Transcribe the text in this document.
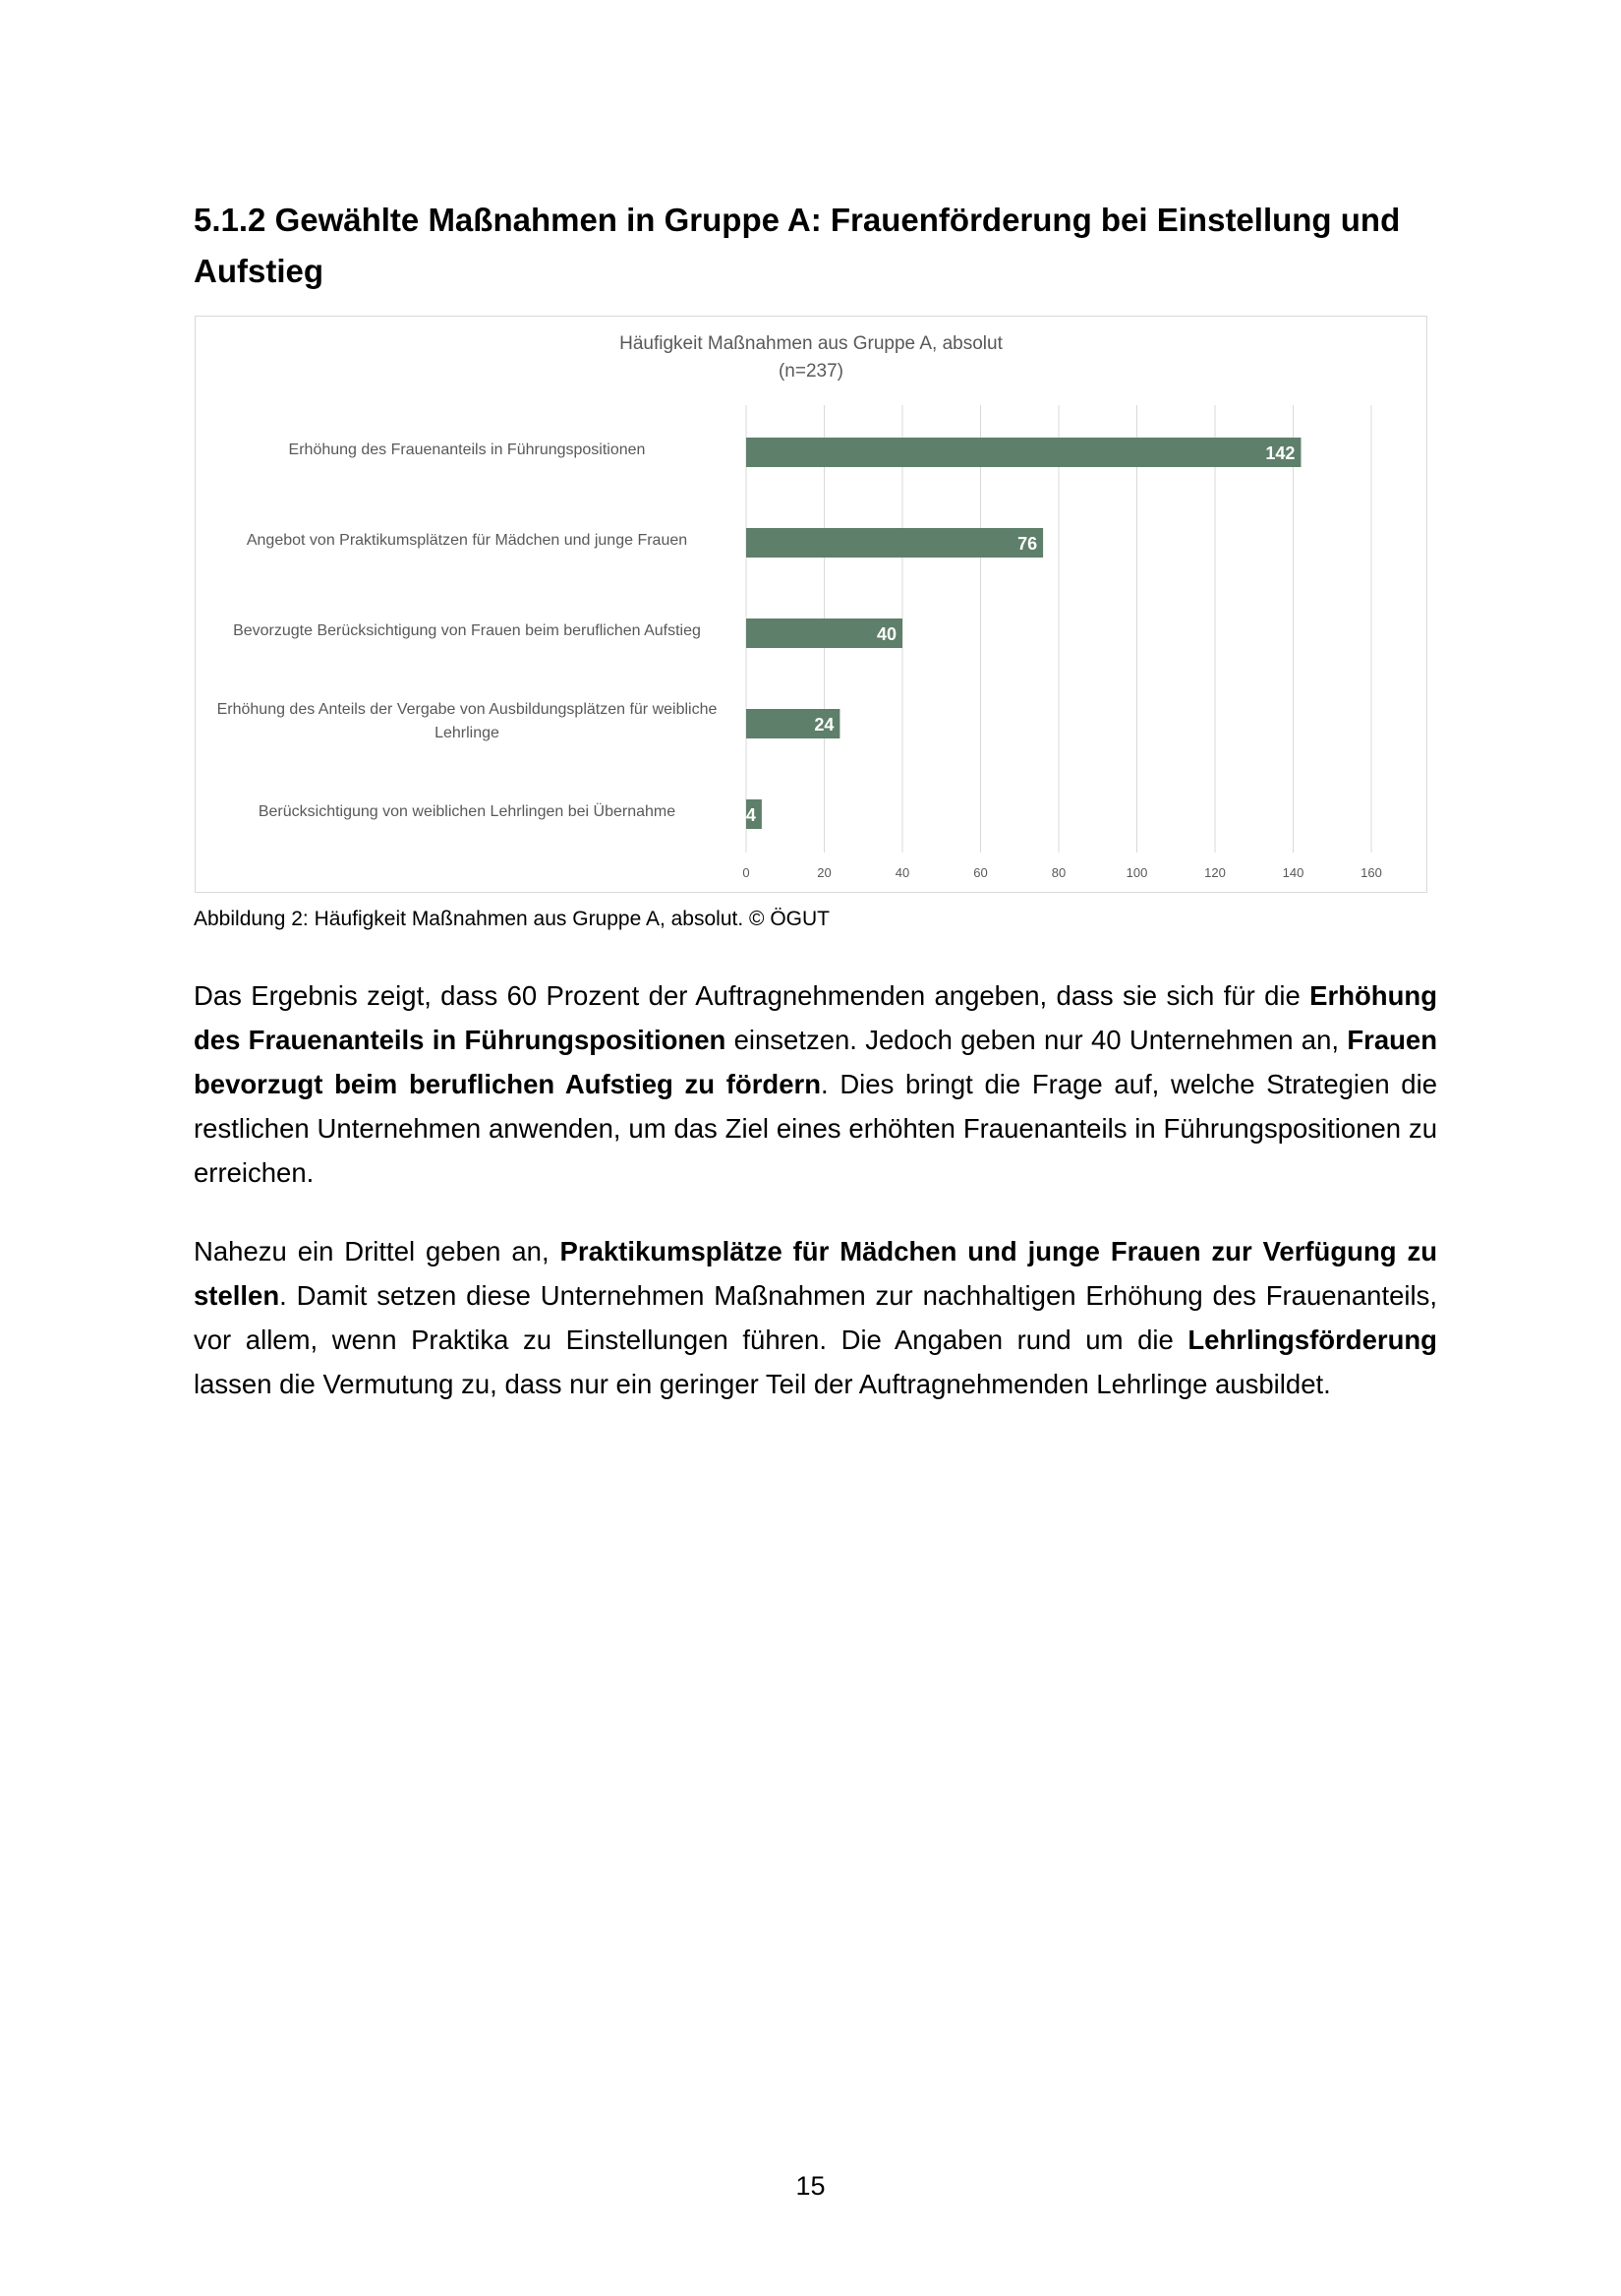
5.1.2 Gewählte Maßnahmen in Gruppe A: Frauenförderung bei Einstellung und Aufstieg
Häufigkeit Maßnahmen aus Gruppe A, absolut
(n=237)
0	20	40	60	80	100	120	140	160
142
76
40
24
4
Erhöhung des Frauenanteils in Führungspositionen
Angebot von Praktikumsplätzen für Mädchen und junge Frauen
Bevorzugte Berücksichtigung von Frauen beim beruflichen Aufstieg
Erhöhung des Anteils der Vergabe von Ausbildungsplätzen für weibliche Lehrlinge
Berücksichtigung von weiblichen Lehrlingen bei Übernahme
Abbildung 2: Häufigkeit Maßnahmen aus Gruppe A, absolut. © ÖGUT

Das Ergebnis zeigt, dass 60 Prozent der Auftragnehmenden angeben, dass sie sich für die Erhöhung des Frauenanteils in Führungspositionen einsetzen. Jedoch geben nur 40 Unternehmen an, Frauen bevorzugt beim beruflichen Aufstieg zu fördern. Dies bringt die Frage auf, welche Strategien die restlichen Unternehmen anwenden, um das Ziel eines erhöhten Frauenanteils in Führungspositionen zu erreichen.

Nahezu ein Drittel geben an, Praktikumsplätze für Mädchen und junge Frauen zur Verfügung zu stellen. Damit setzen diese Unternehmen Maßnahmen zur nachhaltigen Erhöhung des Frauenanteils, vor allem, wenn Praktika zu Einstellungen führen. Die Angaben rund um die Lehrlingsförderung lassen die Vermutung zu, dass nur ein geringer Teil der Auftragnehmenden Lehrlinge ausbildet.

15
